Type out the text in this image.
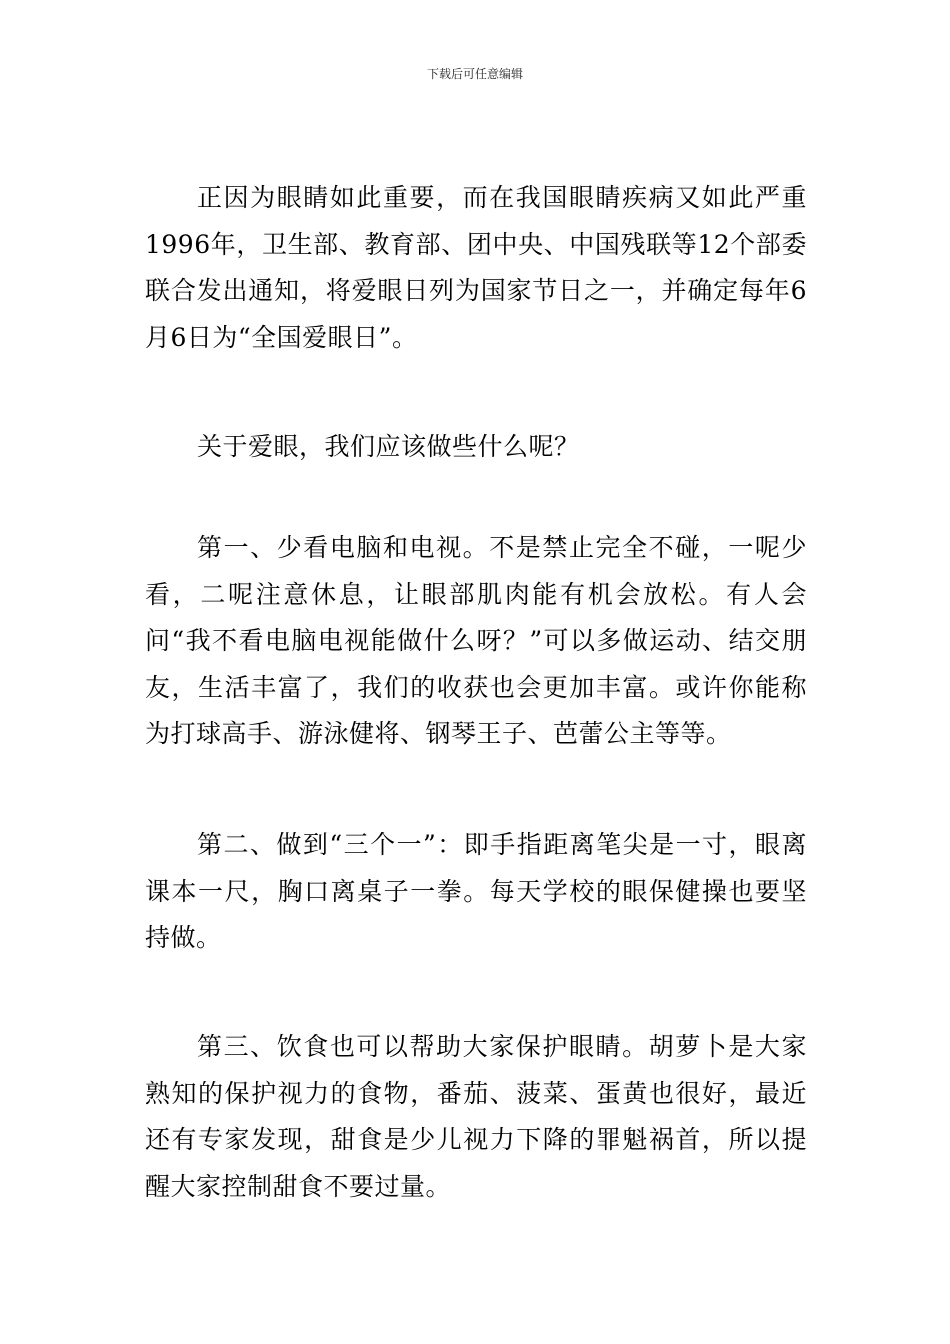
下载后可任意编辑

正因为眼睛如此重要，而在我国眼睛疾病又如此严重1996年，卫生部、教育部、团中央、中国残联等12个部委联合发出通知，将爱眼日列为国家节日之一，并确定每年6月6日为“全国爱眼日”。

关于爱眼，我们应该做些什么呢？

第一、少看电脑和电视。不是禁止完全不碰，一呢少看，二呢注意休息，让眼部肌肉能有机会放松。有人会问“我不看电脑电视能做什么呀？”可以多做运动、结交朋友，生活丰富了，我们的收获也会更加丰富。或许你能称为打球高手、游泳健将、钢琴王子、芭蕾公主等等。

第二、做到“三个一”：即手指距离笔尖是一寸，眼离课本一尺，胸口离桌子一拳。每天学校的眼保健操也要坚持做。

第三、饮食也可以帮助大家保护眼睛。胡萝卜是大家熟知的保护视力的食物，番茄、菠菜、蛋黄也很好，最近还有专家发现，甜食是少儿视力下降的罪魁祸首，所以提醒大家控制甜食不要过量。
